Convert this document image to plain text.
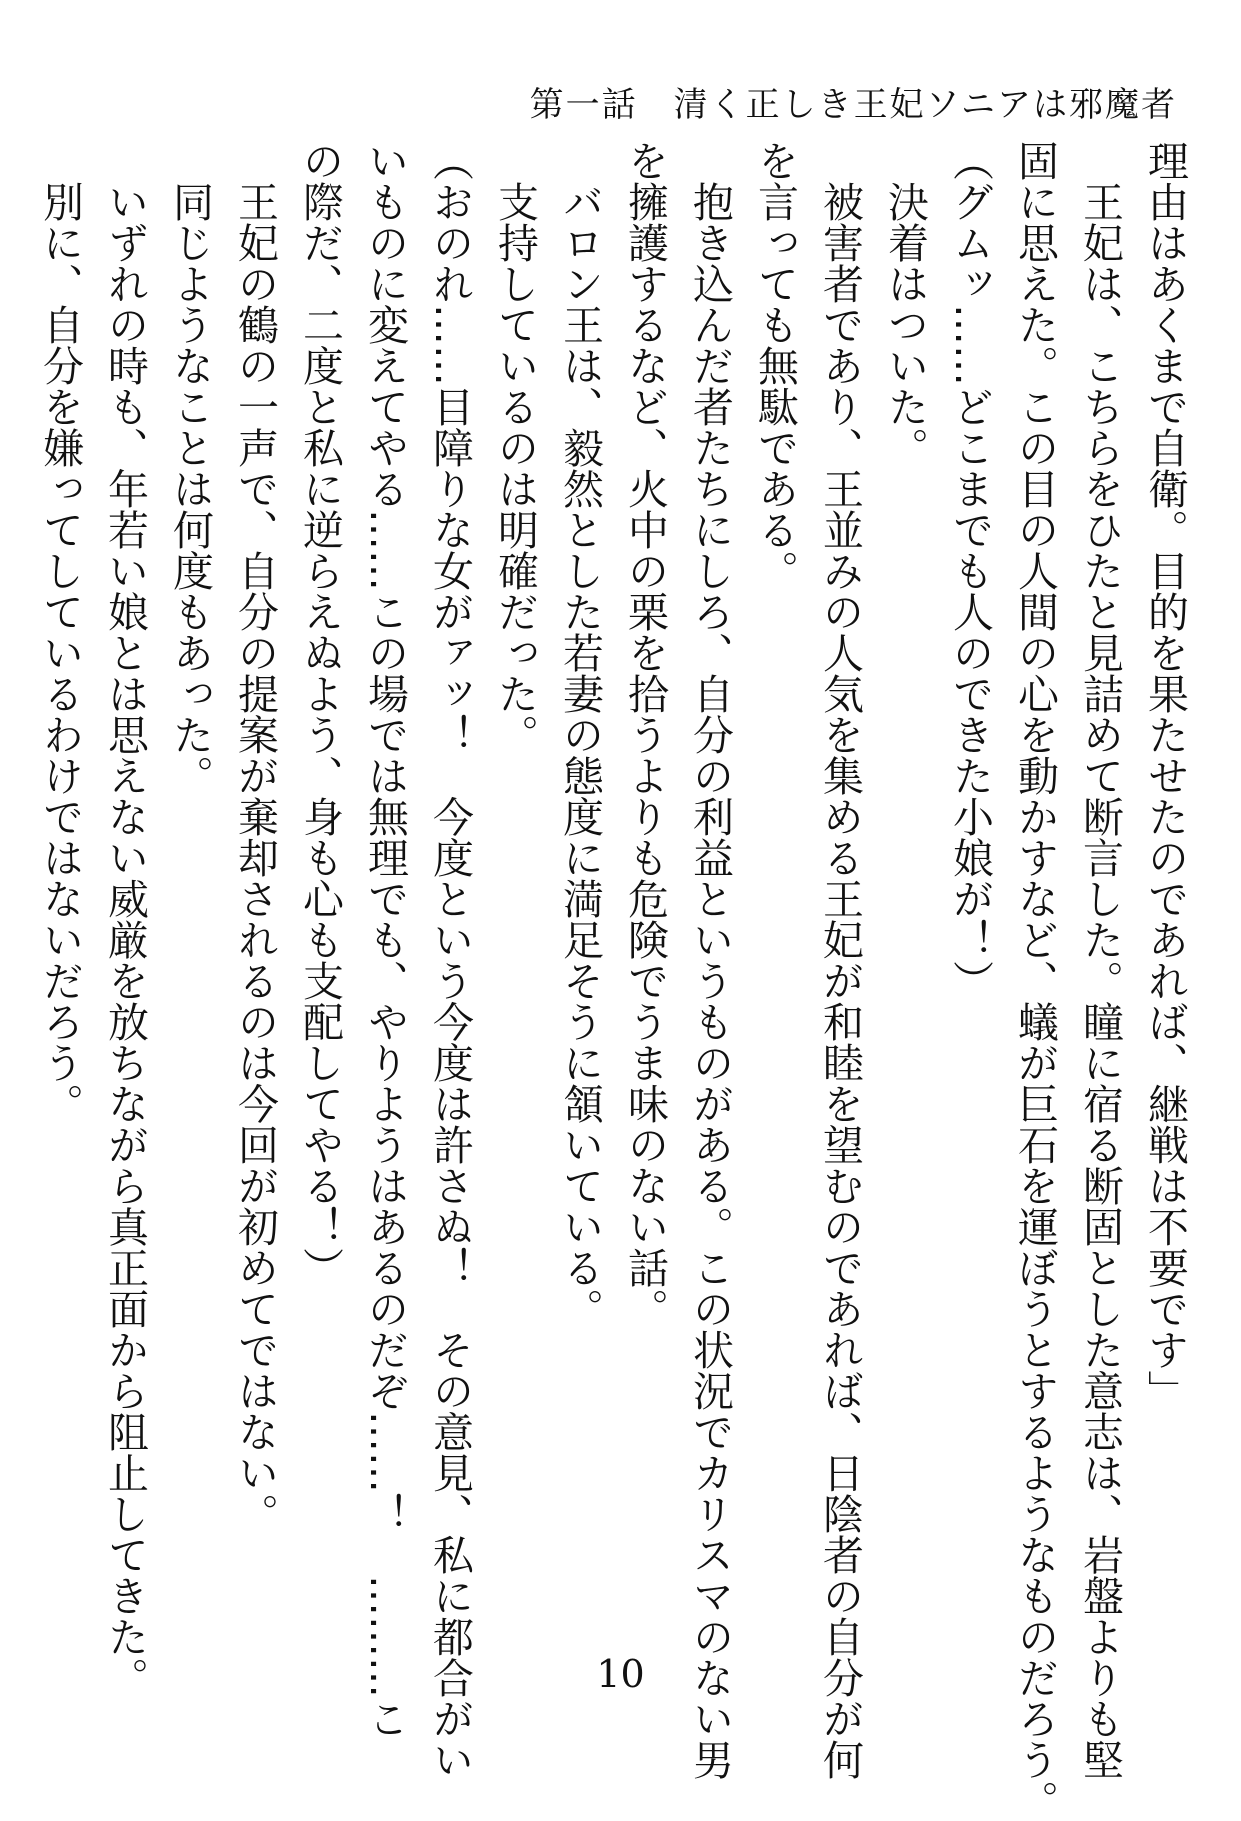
第一話　清く正しき王妃ソニアは邪魔者

理由はあくまで自衛。目的を果たせたのであれば、継戦は不要です」

　王妃は、こちらをひたと見詰めて断言した。瞳に宿る断固とした意志は、岩盤よりも堅

固に思えた。この目の人間の心を動かすなど、蟻が巨石を運ぼうとするようなものだろう。

（グムッ……どこまでも人のできた小娘が！）

　決着はついた。

　被害者であり、王並みの人気を集める王妃が和睦を望むのであれば、日陰者の自分が何

を言っても無駄である。

　抱き込んだ者たちにしろ、自分の利益というものがある。この状況でカリスマのない男

を擁護するなど、火中の栗を拾うよりも危険でうま味のない話。

　バロン王は、毅然とした若妻の態度に満足そうに頷いている。

　支持しているのは明確だった。

（おのれ……目障りな女がァッ！　今度という今度は許さぬ！　その意見、私に都合がい

いものに変えてやる……この場では無理でも、やりようはあるのだぞ……！　………こ

の際だ、二度と私に逆らえぬよう、身も心も支配してやる！）

　王妃の鶴の一声で、自分の提案が棄却されるのは今回が初めてではない。

　同じようなことは何度もあった。

　いずれの時も、年若い娘とは思えない威厳を放ちながら真正面から阻止してきた。

　別に、自分を嫌ってしているわけではないだろう。

10
